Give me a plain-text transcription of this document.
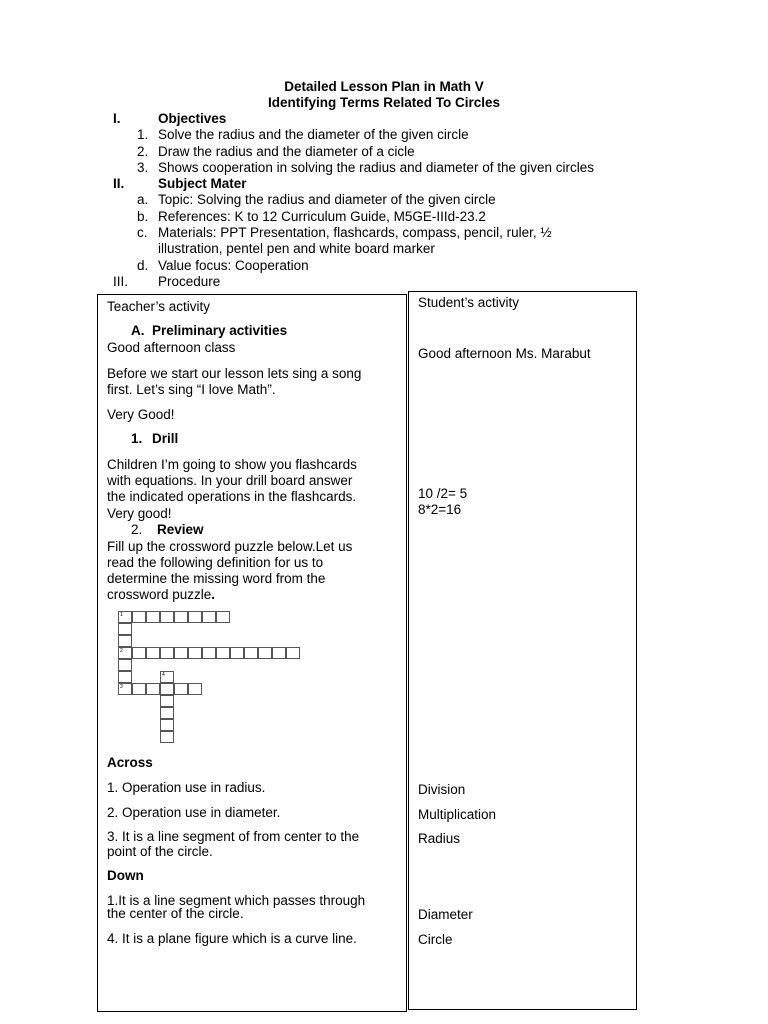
Detailed Lesson Plan in Math V
Identifying Terms Related To Circles
I.	Objectives
1. Solve the radius and the diameter of the given circle
2. Draw the radius and the diameter of a cicle
3. Shows cooperation in solving the radius and diameter of the given circles
II. Subject Mater
a. Topic: Solving the radius and diameter of the given circle
b. References: K to 12 Curriculum Guide, M5GE-IIId-23.2
c. Materials: PPT Presentation, flashcards, compass, pencil, ruler, ½
illustration, pentel pen and white board marker
d. Value focus: Cooperation
III. Procedure
Teacher’s activity
A. Preliminary activities
Good afternoon class
Before we start our lesson lets sing a song
first. Let’s sing “I love Math”.
Very Good!
1. Drill
Children I’m going to show you flashcards
with equations. In your drill board answer
the indicated operations in the flashcards.
Very good!
2. Review
Fill up the crossword puzzle below.Let us
read the following definition for us to
determine the missing word from the
crossword puzzle.
1
2
4
3
Across
1. Operation use in radius.
2. Operation use in diameter.
3. It is a line segment of from center to the
point of the circle.
Down
1.It is a line segment which passes through
the center of the circle.
4. It is a plane figure which is a curve line.
Student’s activity
Good afternoon Ms. Marabut
10 /2= 5
8*2=16
Division
Multiplication
Radius
Diameter
Circle
